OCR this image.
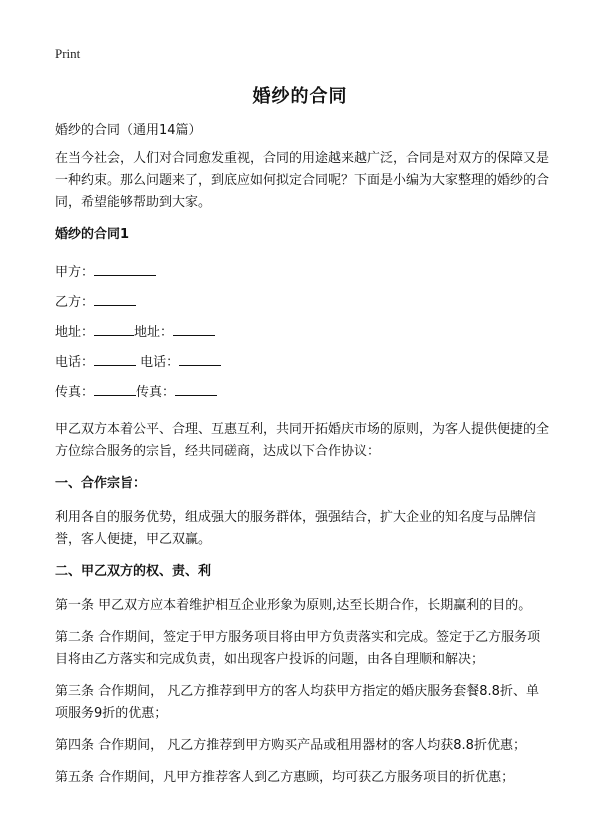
Print
婚纱的合同

婚纱的合同（通用14篇）

在当今社会，人们对合同愈发重视，合同的用途越来越广泛，合同是对双方的保障又是一种约束。那么问题来了，到底应如何拟定合同呢？下面是小编为大家整理的婚纱的合同，希望能够帮助到大家。

婚纱的合同1

甲方：
乙方：
地址：	地址：
电话：	电话：
传真：	传真：

甲乙双方本着公平、合理、互惠互利，共同开拓婚庆市场的原则，为客人提供便捷的全方位综合服务的宗旨，经共同磋商，达成以下合作协议：

一、合作宗旨：

利用各自的服务优势，组成强大的服务群体，强强结合，扩大企业的知名度与品牌信誉，客人便捷，甲乙双赢。

二、甲乙双方的权、责、利

第一条 甲乙双方应本着维护相互企业形象为原则,达至长期合作，长期赢利的目的。

第二条 合作期间，签定于甲方服务项目将由甲方负责落实和完成。签定于乙方服务项目将由乙方落实和完成负责，如出现客户投诉的问题，由各自理顺和解决；

第三条 合作期间， 凡乙方推荐到甲方的客人均获甲方指定的婚庆服务套餐8.8折、单项服务9折的优惠；

第四条 合作期间， 凡乙方推荐到甲方购买产品或租用器材的客人均获8.8折优惠；

第五条 合作期间，凡甲方推荐客人到乙方惠顾，均可获乙方服务项目的折优惠；
